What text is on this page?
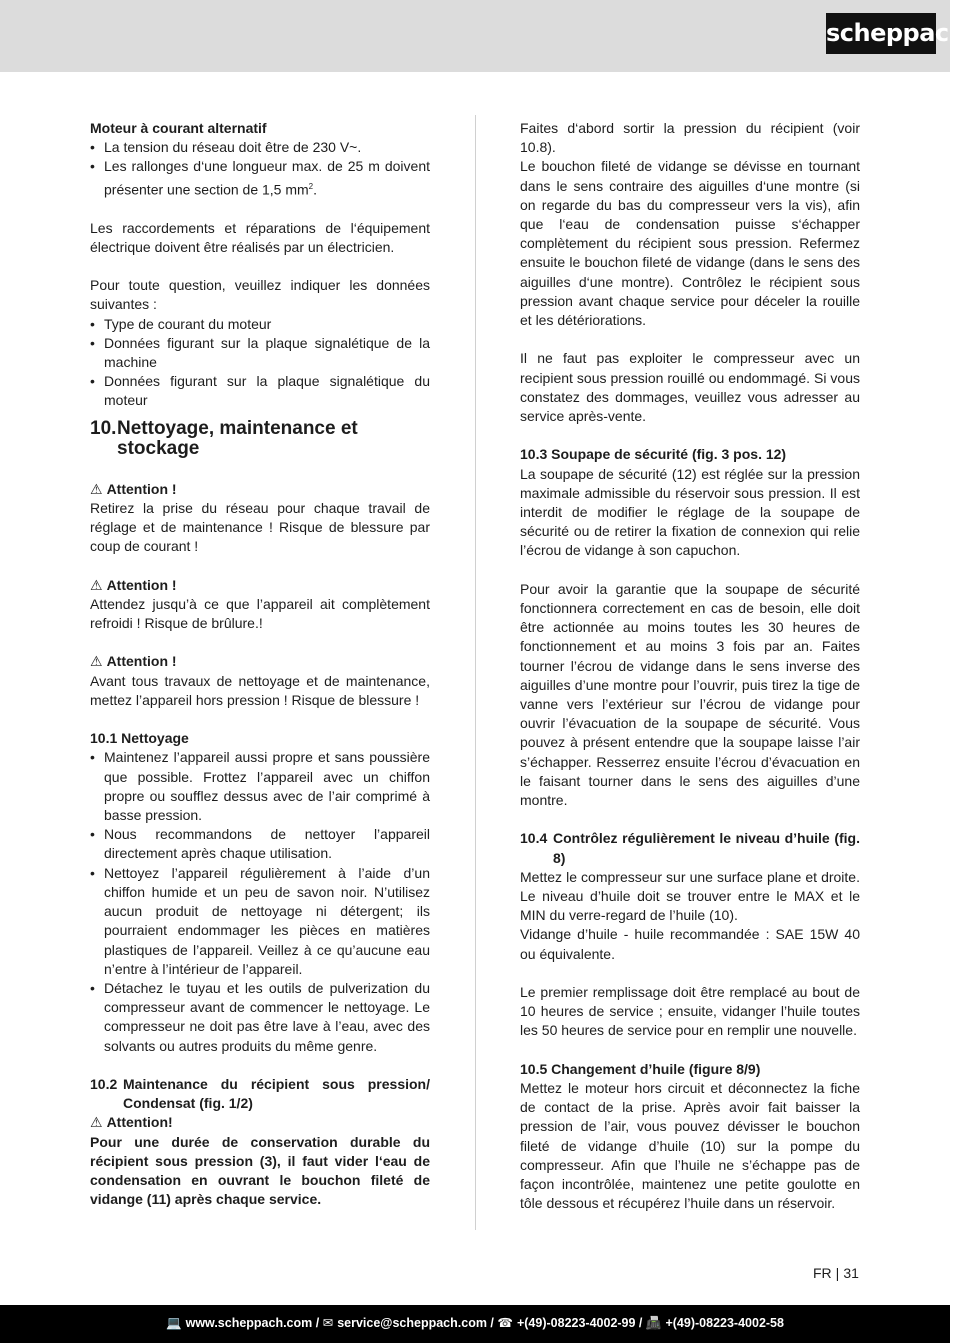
scheppach

Moteur à courant alternatif

• La tension du réseau doit être de 230 V~.
• Les rallonges d‘une longueur max. de 25 m doivent présenter une section de 1,5 $mm^2$.

Les raccordements et réparations de l‘équipement électrique doivent être réalisés par un électricien.

Pour toute question, veuillez indiquer les données suivantes :

• Type de courant du moteur
• Données figurant sur la plaque signalétique de la machine
• Données figurant sur la plaque signalétique du moteur
10. Nettoyage, maintenance et stockage

⚠ Attention !

Retirez la prise du réseau pour chaque travail de réglage et de maintenance ! Risque de blessure par coup de courant !

⚠ Attention !

Attendez jusqu’à ce que l’appareil ait complètement refroidi ! Risque de brûlure.!

⚠ Attention !

Avant tous travaux de nettoyage et de maintenance, mettez l’appareil hors pression ! Risque de blessure !

10.1 Nettoyage

• Maintenez l’appareil aussi propre et sans poussière que possible. Frottez l’appareil avec un chiffon propre ou soufflez dessus avec de l’air comprimé à basse pression.
• Nous recommandons de nettoyer l’appareil directement après chaque utilisation.
• Nettoyez l’appareil régulièrement à l’aide d’un chiffon humide et un peu de savon noir. N’utilisez aucun produit de nettoyage ni détergent; ils pourraient endommager les pièces en matières plastiques de l’appareil. Veillez à ce qu’aucune eau n’entre à l’intérieur de l’appareil.
• Détachez le tuyau et les outils de pulverization du compresseur avant de commencer le nettoyage. Le compresseur ne doit pas être lave à l’eau, avec des solvants ou autres produits du même genre.
10.2 Maintenance du récipient sous pression/ Condensat (fig. 1/2)

⚠ Attention!

Pour une durée de conservation durable du récipient sous pression (3), il faut vider l‘eau de condensation en ouvrant le bouchon fileté de vidange (11) après chaque service.

Faites d‘abord sortir la pression du récipient (voir 10.8).

Le bouchon fileté de vidange se dévisse en tournant dans le sens contraire des aiguilles d‘une montre (si on regarde du bas du compresseur vers la vis), afin que l‘eau de condensation puisse s‘échapper complètement du récipient sous pression. Refermez ensuite le bouchon fileté de vidange (dans le sens des aiguilles d‘une montre). Contrôlez le récipient sous pression avant chaque service pour déceler la rouille et les détériorations.

Il ne faut pas exploiter le compresseur avec un recipient sous pression rouillé ou endommagé. Si vous constatez des dommages, veuillez vous adresser au service après-vente.

10.3 Soupape de sécurité (fig. 3 pos. 12)

La soupape de sécurité (12) est réglée sur la pression maximale admissible du réservoir sous pression. Il est interdit de modifier le réglage de la soupape de sécurité ou de retirer la fixation de connexion qui relie l’écrou de vidange à son capuchon.

Pour avoir la garantie que la soupape de sécurité fonctionnera correctement en cas de besoin, elle doit être actionnée au moins toutes les 30 heures de fonctionnement et au moins 3 fois par an. Faites tourner l’écrou de vidange dans le sens inverse des aiguilles d’une montre pour l’ouvrir, puis tirez la tige de vanne vers l’extérieur sur l’écrou de vidange pour ouvrir l’évacuation de la soupape de sécurité. Vous pouvez à présent entendre que la soupape laisse l’air s’échapper. Resserrez ensuite l’écrou d’évacuation en le faisant tourner dans le sens des aiguilles d’une montre.

10.4 Contrôlez régulièrement le niveau d’huile (fig. 8)

Mettez le compresseur sur une surface plane et droite. Le niveau d’huile doit se trouver entre le MAX et le MIN du verre-regard de l’huile (10).

Vidange d’huile - huile recommandée : SAE 15W 40 ou équivalente.

Le premier remplissage doit être remplacé au bout de 10 heures de service ; ensuite, vidanger l’huile toutes les 50 heures de service pour en remplir une nouvelle.

10.5 Changement d’huile (figure 8/9)

Mettez le moteur hors circuit et déconnectez la fiche de contact de la prise. Après avoir fait baisser la pression de l’air, vous pouvez dévisser le bouchon fileté de vidange d’huile (10) sur la pompe du compresseur. Afin que l’huile ne s’échappe pas de façon incontrôlée, maintenez une petite goulotte en tôle dessous et récupérez l’huile dans un réservoir.

FR | 31
💻 www.scheppach.com / ✉ service@scheppach.com / ☎ +(49)-08223-4002-99 / 📠 +(49)-08223-4002-58
